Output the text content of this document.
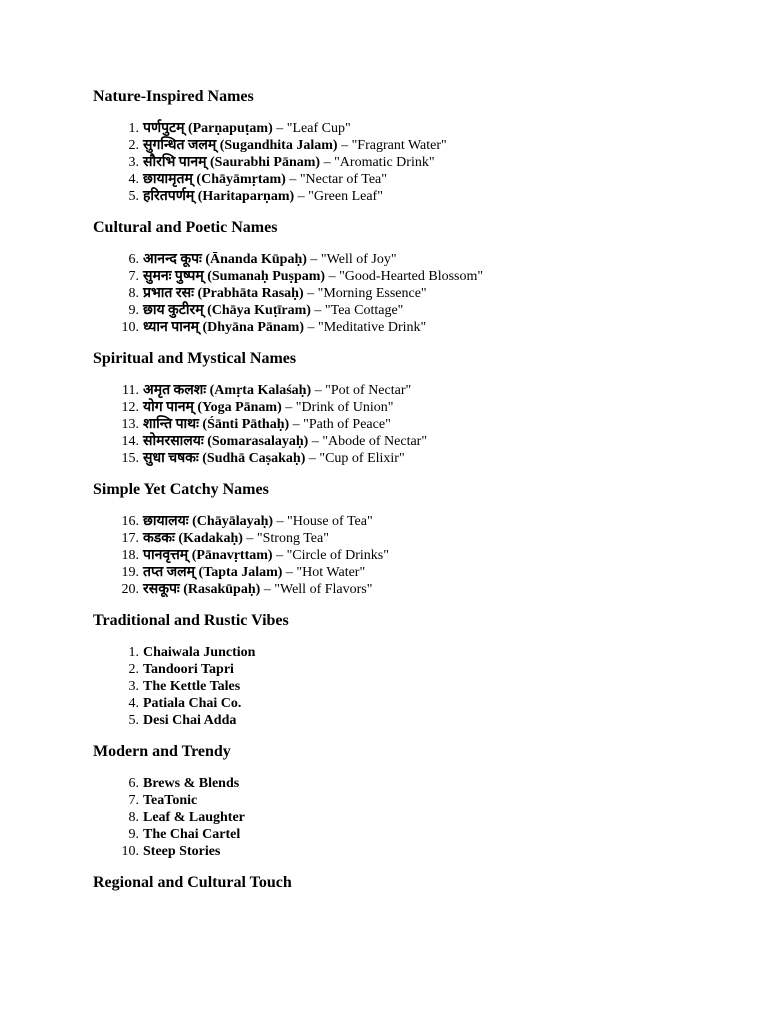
Nature-Inspired Names
1. पर्णपुटम् (Parṇapuṭam) – "Leaf Cup"
2. सुगन्धित जलम् (Sugandhita Jalam) – "Fragrant Water"
3. सौरभि पानम् (Saurabhi Pānam) – "Aromatic Drink"
4. छायामृतम् (Chāyāmṛtam) – "Nectar of Tea"
5. हरितपर्णम् (Haritaparṇam) – "Green Leaf"
Cultural and Poetic Names
6. आनन्द कूपः (Ānanda Kūpaḥ) – "Well of Joy"
7. सुमनः पुष्पम् (Sumanaḥ Puṣpam) – "Good-Hearted Blossom"
8. प्रभात रसः (Prabhāta Rasaḥ) – "Morning Essence"
9. छाय कुटीरम् (Chāya Kuṭīram) – "Tea Cottage"
10. ध्यान पानम् (Dhyāna Pānam) – "Meditative Drink"
Spiritual and Mystical Names
11. अमृत कलशः (Amṛta Kalaśaḥ) – "Pot of Nectar"
12. योग पानम् (Yoga Pānam) – "Drink of Union"
13. शान्ति पाथः (Śānti Pāthaḥ) – "Path of Peace"
14. सोमरसालयः (Somarasalayaḥ) – "Abode of Nectar"
15. सुधा चषकः (Sudhā Caṣakaḥ) – "Cup of Elixir"
Simple Yet Catchy Names
16. छायालयः (Chāyālayaḥ) – "House of Tea"
17. कडकः (Kadakaḥ) – "Strong Tea"
18. पानवृत्तम् (Pānavṛttam) – "Circle of Drinks"
19. तप्त जलम् (Tapta Jalam) – "Hot Water"
20. रसकूपः (Rasakūpaḥ) – "Well of Flavors"
Traditional and Rustic Vibes
1. Chaiwala Junction
2. Tandoori Tapri
3. The Kettle Tales
4. Patiala Chai Co.
5. Desi Chai Adda
Modern and Trendy
6. Brews & Blends
7. TeaTonic
8. Leaf & Laughter
9. The Chai Cartel
10. Steep Stories
Regional and Cultural Touch
